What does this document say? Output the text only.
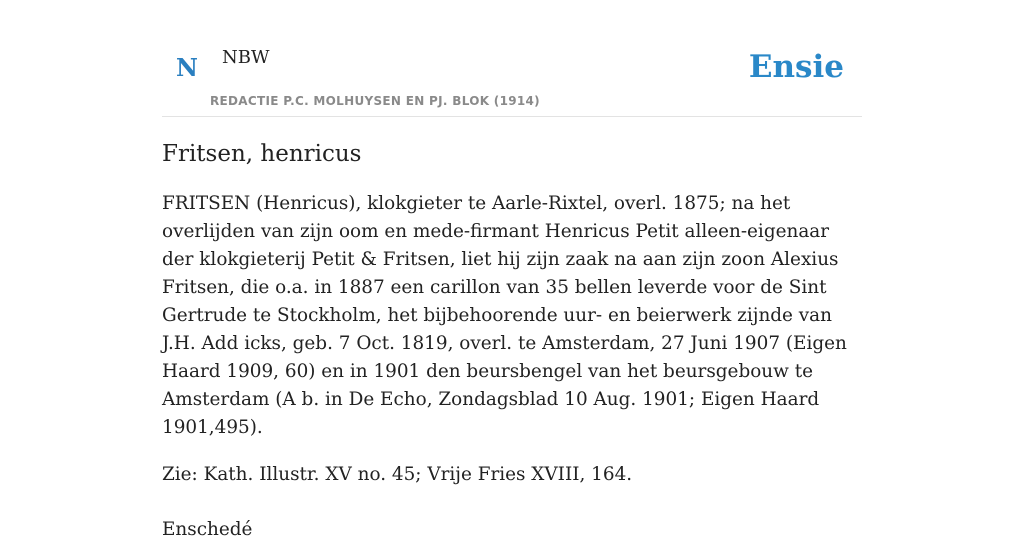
N NBW
REDACTIE P.C. MOLHUYSEN EN PJ. BLOK (1914)
Ensie
Fritsen, henricus

FRITSEN (Henricus), klokgieter te Aarle-Rixtel, overl. 1875; na het overlijden van zijn oom en mede-firmant Henricus Petit alleen-eigenaar der klokgieterij Petit & Fritsen, liet hij zijn zaak na aan zijn zoon Alexius Fritsen, die o.a. in 1887 een carillon van 35 bellen leverde voor de Sint Gertrude te Stockholm, het bijbehoorende uur- en beierwerk zijnde van J.H. Add icks, geb. 7 Oct. 1819, overl. te Amsterdam, 27 Juni 1907 (Eigen Haard 1909, 60) en in 1901 den beursbengel van het beursgebouw te Amsterdam (A b. in De Echo, Zondagsblad 10 Aug. 1901; Eigen Haard 1901,495).

Zie: Kath. Illustr. XV no. 45; Vrije Fries XVIII, 164.

Enschedé
